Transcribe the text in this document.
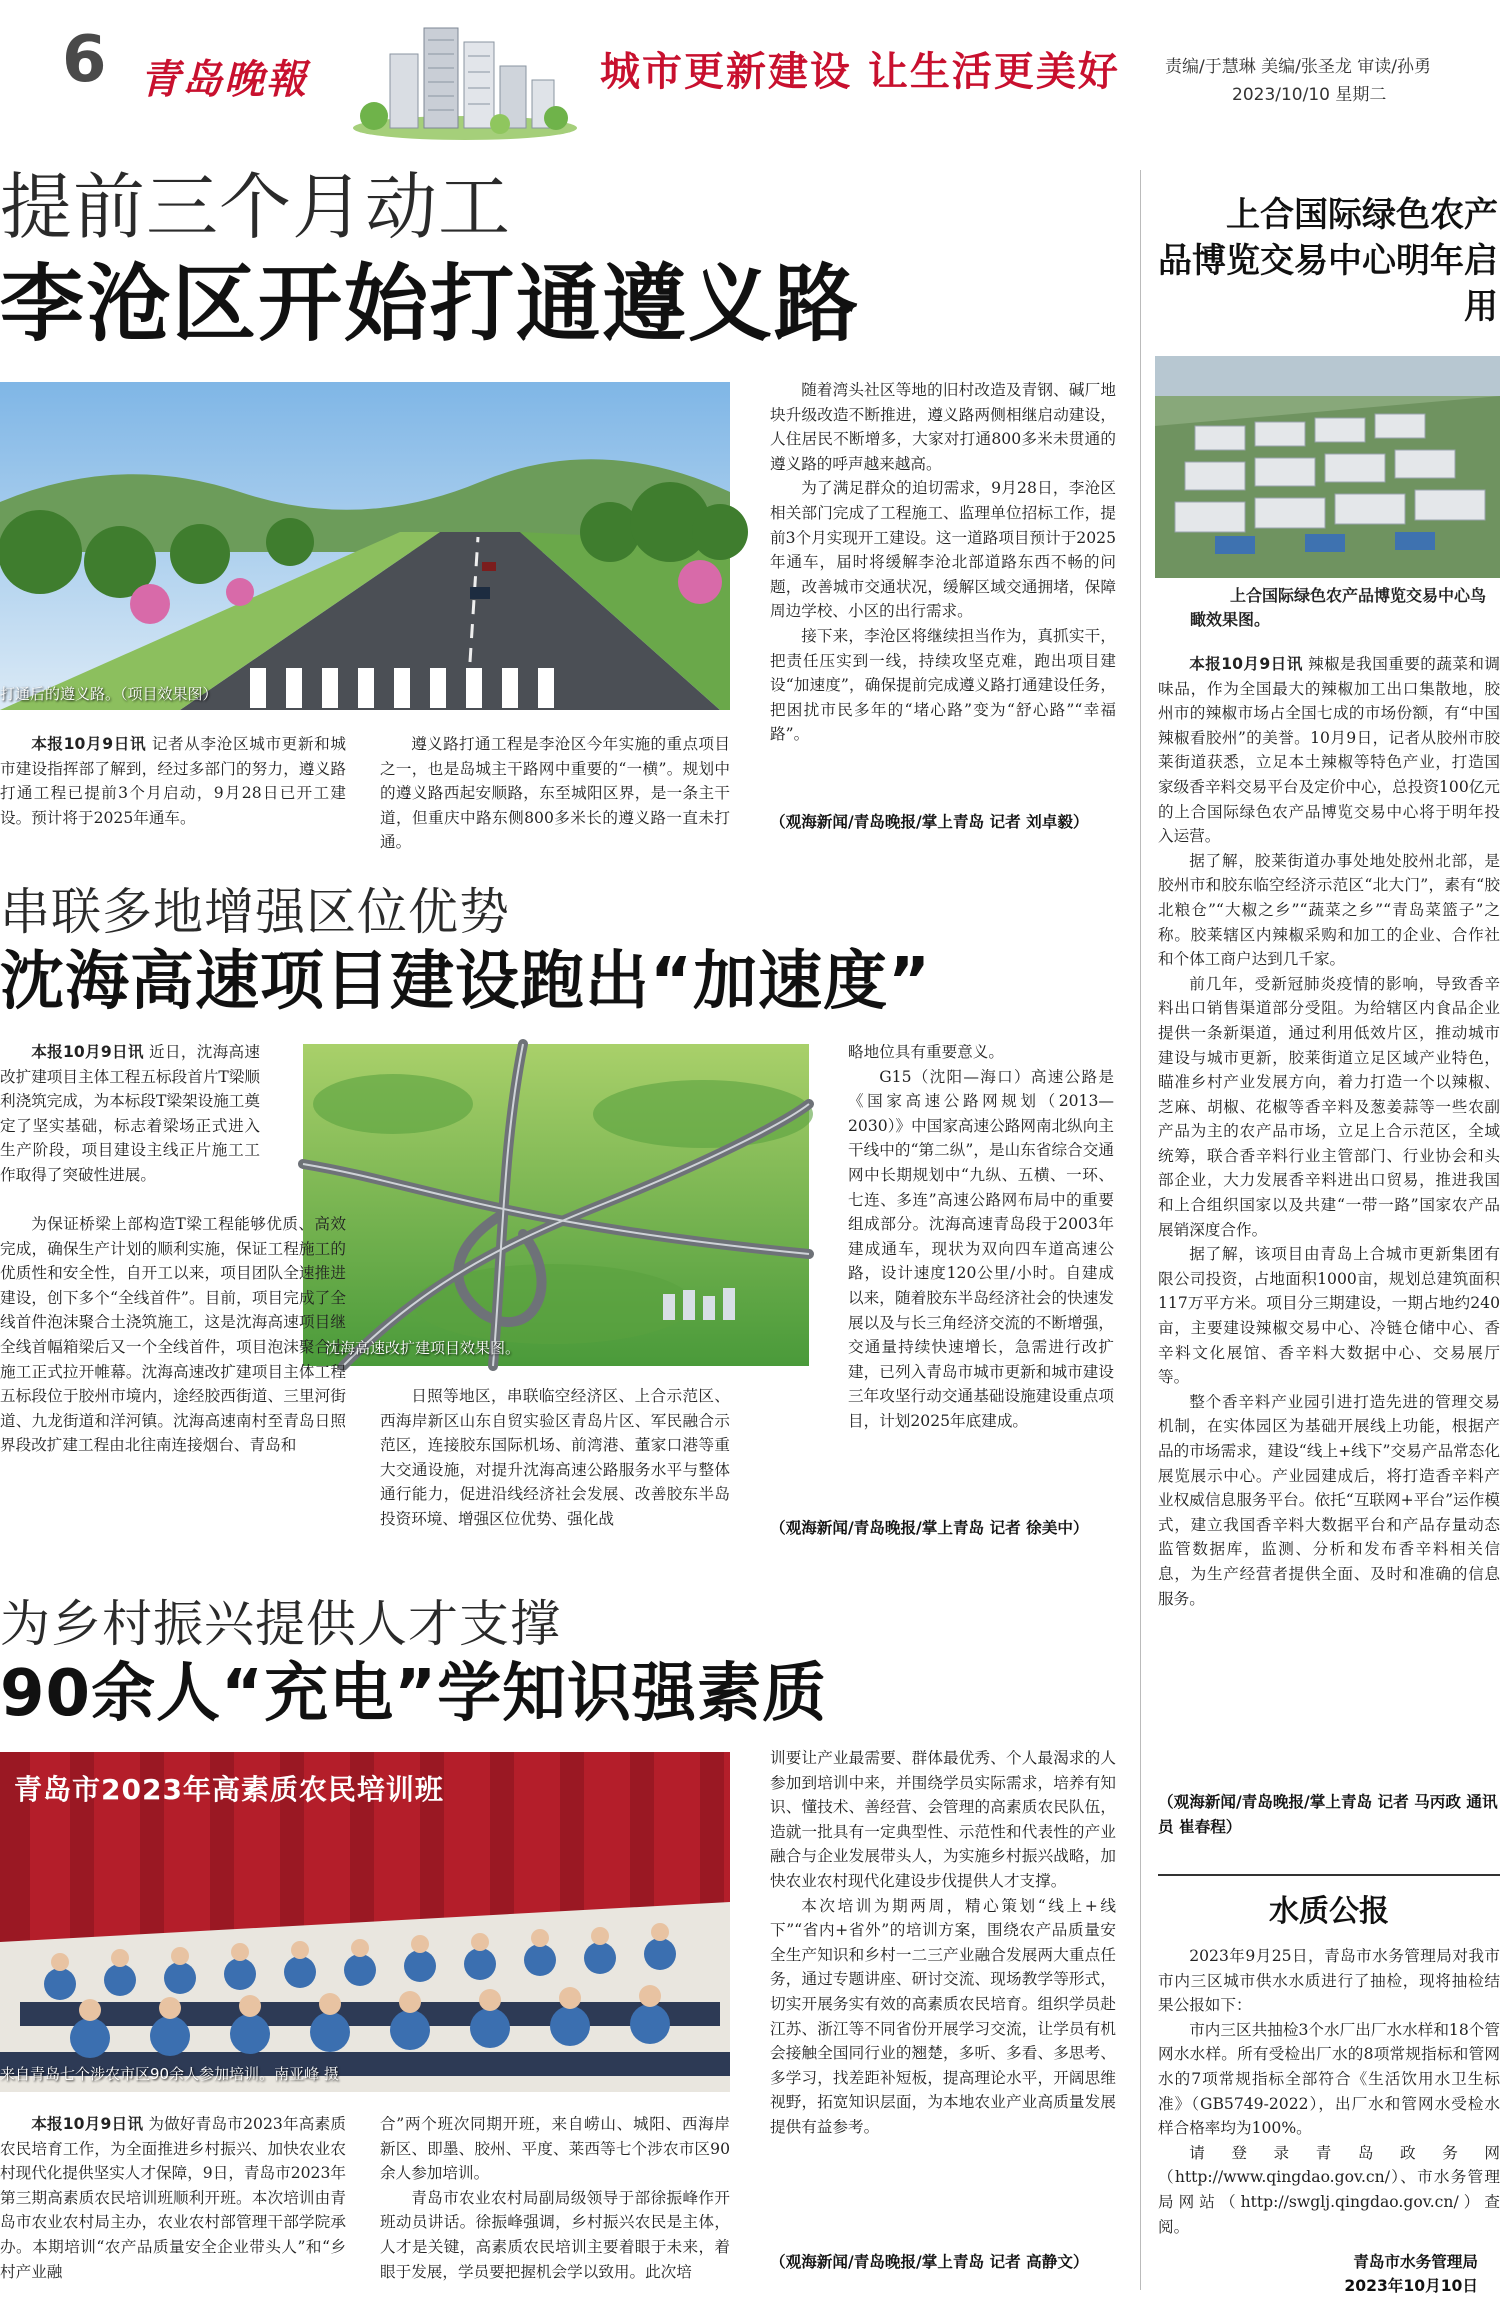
6 青岛晚報	城市更新建设 让生活更美好	责编/于慧琳 美编/张圣龙 审读/孙勇
2023/10/10 星期二
提前三个月动工
李沧区开始打通遵义路
打通后的遵义路。（项目效果图）
本报10月9日讯 记者从李沧区城市更新和城市建设指挥部了解到，经过多部门的努力，遵义路打通工程已提前3个月启动，9月28日已开工建设。预计将于2025年通车。
遵义路打通工程是李沧区今年实施的重点项目之一，也是岛城主干路网中重要的“一横”。规划中的遵义路西起安顺路，东至城阳区界，是一条主干道，但重庆中路东侧800多米长的遵义路一直未打通。

随着湾头社区等地的旧村改造及青钢、碱厂地块升级改造不断推进，遵义路两侧相继启动建设，人住居民不断增多，大家对打通800多米未贯通的遵义路的呼声越来越高。

为了满足群众的迫切需求，9月28日，李沧区相关部门完成了工程施工、监理单位招标工作，提前3个月实现开工建设。这一道路项目预计于2025年通车，届时将缓解李沧北部道路东西不畅的问题，改善城市交通状况，缓解区域交通拥堵，保障周边学校、小区的出行需求。

接下来，李沧区将继续担当作为，真抓实干，把责任压实到一线，持续攻坚克难，跑出项目建设“加速度”，确保提前完成遵义路打通建设任务，把困扰市民多年的“堵心路”变为“舒心路”“幸福路”。

（观海新闻/青岛晚报/掌上青岛 记者 刘卓毅）
串联多地增强区位优势
沈海高速项目建设跑出“加速度”
本报10月9日讯 近日，沈海高速改扩建项目主体工程五标段首片T梁顺利浇筑完成，为本标段T梁架设施工奠定了坚实基础，标志着梁场正式进入生产阶段，项目建设主线正片施工工作取得了突破性进展。
沈海高速改扩建项目效果图。

为保证桥梁上部构造T梁工程能够优质、高效完成，确保生产计划的顺利实施，保证工程施工的优质性和安全性，自开工以来，项目团队全速推进建设，创下多个“全线首件”。目前，项目完成了全线首件泡沫聚合土浇筑施工，这是沈海高速项目继全线首幅箱梁后又一个全线首件，项目泡沫聚合土施工正式拉开帷幕。沈海高速改扩建项目主体工程五标段位于胶州市境内，途经胶西街道、三里河街道、九龙街道和洋河镇。沈海高速南村至青岛日照界段改扩建工程由北往南连接烟台、青岛和

日照等地区，串联临空经济区、上合示范区、西海岸新区山东自贸实验区青岛片区、军民融合示范区，连接胶东国际机场、前湾港、董家口港等重大交通设施，对提升沈海高速公路服务水平与整体通行能力，促进沿线经济社会发展、改善胶东半岛投资环境、增强区位优势、强化战

略地位具有重要意义。

G15（沈阳—海口）高速公路是《国家高速公路网规划（2013—2030）》中国家高速公路网南北纵向主干线中的“第二纵”，是山东省综合交通网中长期规划中“九纵、五横、一环、七连、多连”高速公路网布局中的重要组成部分。沈海高速青岛段于2003年建成通车，现状为双向四车道高速公路，设计速度120公里/小时。自建成以来，随着胶东半岛经济社会的快速发展以及与长三角经济交流的不断增强，交通量持续快速增长，急需进行改扩建，已列入青岛市城市更新和城市建设三年攻坚行动交通基础设施建设重点项目，计划2025年底建成。

（观海新闻/青岛晚报/掌上青岛 记者 徐美中）
为乡村振兴提供人才支撑
90余人“充电”学知识强素质
青岛市2023年高素质农民培训班
来自青岛七个涉农市区90余人参加培训。南亚峰 摄
本报10月9日讯 为做好青岛市2023年高素质农民培育工作，为全面推进乡村振兴、加快农业农村现代化提供坚实人才保障，9日，青岛市2023年第三期高素质农民培训班顺利开班。本次培训由青岛市农业农村局主办，农业农村部管理干部学院承办。本期培训“农产品质量安全企业带头人”和“乡村产业融

合”两个班次同期开班，来自崂山、城阳、西海岸新区、即墨、胶州、平度、莱西等七个涉农市区90余人参加培训。

青岛市农业农村局副局级领导于部徐振峰作开班动员讲话。徐振峰强调，乡村振兴农民是主体，人才是关键，高素质农民培训主要着眼于未来，着眼于发展，学员要把握机会学以致用。此次培

训要让产业最需要、群体最优秀、个人最渴求的人参加到培训中来，并围绕学员实际需求，培养有知识、懂技术、善经营、会管理的高素质农民队伍，造就一批具有一定典型性、示范性和代表性的产业融合与企业发展带头人，为实施乡村振兴战略，加快农业农村现代化建设步伐提供人才支撑。

本次培训为期两周，精心策划“线上+线下”“省内+省外”的培训方案，围绕农产品质量安全生产知识和乡村一二三产业融合发展两大重点任务，通过专题讲座、研讨交流、现场教学等形式，切实开展务实有效的高素质农民培育。组织学员赴江苏、浙江等不同省份开展学习交流，让学员有机会接触全国同行业的翘楚，多听、多看、多思考、多学习，找差距补短板，提高理论水平，开阔思维视野，拓宽知识层面，为本地农业产业高质量发展提供有益参考。

（观海新闻/青岛晚报/掌上青岛 记者 高静文）
上合国际绿色农产品博览交易中心明年启用
上合国际绿色农产品博览交易中心鸟瞰效果图。

本报10月9日讯 辣椒是我国重要的蔬菜和调味品，作为全国最大的辣椒加工出口集散地，胶州市的辣椒市场占全国七成的市场份额，有“中国辣椒看胶州”的美誉。10月9日，记者从胶州市胶莱街道获悉，立足本土辣椒等特色产业，打造国家级香辛料交易平台及定价中心，总投资100亿元的上合国际绿色农产品博览交易中心将于明年投入运营。

据了解，胶莱街道办事处地处胶州北部，是胶州市和胶东临空经济示范区“北大门”，素有“胶北粮仓”“大椒之乡”“蔬菜之乡”“青岛菜篮子”之称。胶莱辖区内辣椒采购和加工的企业、合作社和个体工商户达到几千家。

前几年，受新冠肺炎疫情的影响，导致香辛料出口销售渠道部分受阻。为给辖区内食品企业提供一条新渠道，通过利用低效片区，推动城市建设与城市更新，胶莱街道立足区域产业特色，瞄准乡村产业发展方向，着力打造一个以辣椒、芝麻、胡椒、花椒等香辛料及葱姜蒜等一些农副产品为主的农产品市场，立足上合示范区，全域统筹，联合香辛料行业主管部门、行业协会和头部企业，大力发展香辛料进出口贸易，推进我国和上合组织国家以及共建“一带一路”国家农产品展销深度合作。

据了解，该项目由青岛上合城市更新集团有限公司投资，占地面积1000亩，规划总建筑面积117万平方米。项目分三期建设，一期占地约240亩，主要建设辣椒交易中心、冷链仓储中心、香辛料文化展馆、香辛料大数据中心、交易展厅等。

整个香辛料产业园引进打造先进的管理交易机制，在实体园区为基础开展线上功能，根据产品的市场需求，建设“线上+线下”交易产品常态化展览展示中心。产业园建成后，将打造香辛料产业权威信息服务平台。依托“互联网+平台”运作模式，建立我国香辛料大数据平台和产品存量动态监管数据库，监测、分析和发布香辛料相关信息，为生产经营者提供全面、及时和准确的信息服务。

（观海新闻/青岛晚报/掌上青岛 记者 马丙政 通讯员 崔春程）
水质公报

2023年9月25日，青岛市水务管理局对我市市内三区城市供水水质进行了抽检，现将抽检结果公报如下：

市内三区共抽检3个水厂出厂水水样和18个管网水水样。所有受检出厂水的8项常规指标和管网水的7项常规指标全部符合《生活饮用水卫生标准》（GB5749-2022），出厂水和管网水受检水样合格率均为100%。

请登录青岛政务网（http://www.qingdao.gov.cn/）、市水务管理局网站（http://swglj.qingdao.gov.cn/）查阅。

青岛市水务管理局
2023年10月10日
